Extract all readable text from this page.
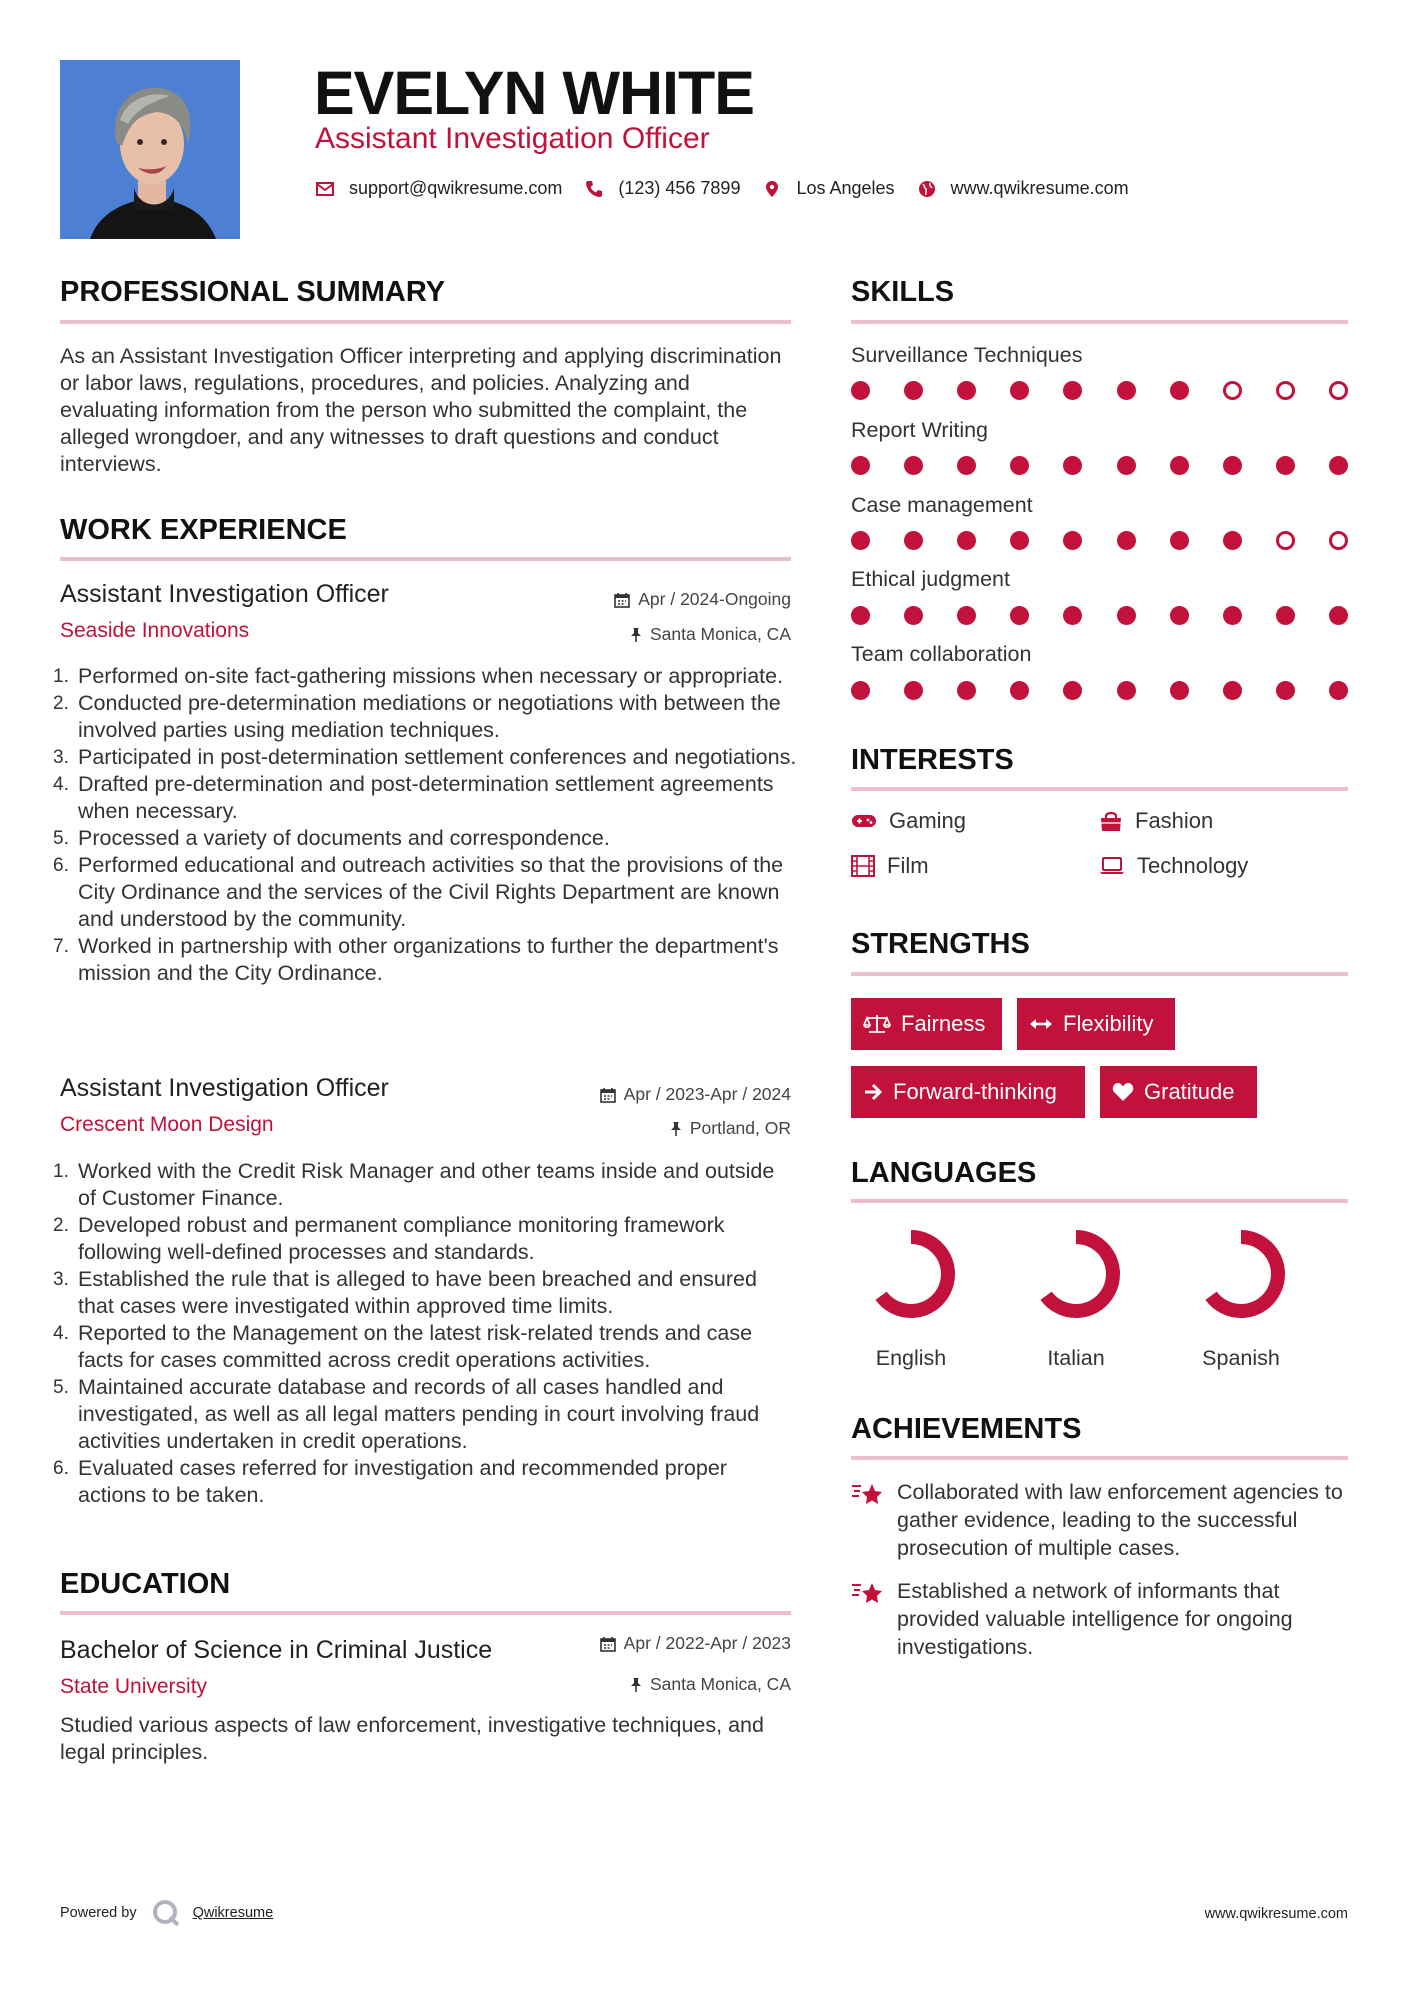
EVELYN WHITE
Assistant Investigation Officer
support@qwikresume.com	(123) 456 7899	Los Angeles	www.qwikresume.com
PROFESSIONAL SUMMARY
As an Assistant Investigation Officer interpreting and applying discrimination or labor laws, regulations, procedures, and policies. Analyzing and evaluating information from the person who submitted the complaint, the alleged wrongdoer, and any witnesses to draft questions and conduct interviews.
WORK EXPERIENCE
Assistant Investigation Officer
Seaside Innovations
Apr / 2024-Ongoing
Santa Monica, CA
1. Performed on-site fact-gathering missions when necessary or appropriate.
2. Conducted pre-determination mediations or negotiations with between the involved parties using mediation techniques.
3. Participated in post-determination settlement conferences and negotiations.
4. Drafted pre-determination and post-determination settlement agreements when necessary.
5. Processed a variety of documents and correspondence.
6. Performed educational and outreach activities so that the provisions of the City Ordinance and the services of the Civil Rights Department are known and understood by the community.
7. Worked in partnership with other organizations to further the department's mission and the City Ordinance.
Assistant Investigation Officer
Crescent Moon Design
Apr / 2023-Apr / 2024
Portland, OR
1. Worked with the Credit Risk Manager and other teams inside and outside of Customer Finance.
2. Developed robust and permanent compliance monitoring framework following well-defined processes and standards.
3. Established the rule that is alleged to have been breached and ensured that cases were investigated within approved time limits.
4. Reported to the Management on the latest risk-related trends and case facts for cases committed across credit operations activities.
5. Maintained accurate database and records of all cases handled and investigated, as well as all legal matters pending in court involving fraud activities undertaken in credit operations.
6. Evaluated cases referred for investigation and recommended proper actions to be taken.
EDUCATION
Bachelor of Science in Criminal Justice
State University
Apr / 2022-Apr / 2023
Santa Monica, CA
Studied various aspects of law enforcement, investigative techniques, and legal principles.
SKILLS
Surveillance Techniques
Report Writing
Case management
Ethical judgment
Team collaboration
INTERESTS
Gaming	Fashion
Film	Technology
STRENGTHS
Fairness	Flexibility
Forward-thinking	Gratitude
LANGUAGES
English	Italian	Spanish
ACHIEVEMENTS
Collaborated with law enforcement agencies to gather evidence, leading to the successful prosecution of multiple cases.
Established a network of informants that provided valuable intelligence for ongoing investigations.
Powered by	Qwikresume	www.qwikresume.com
